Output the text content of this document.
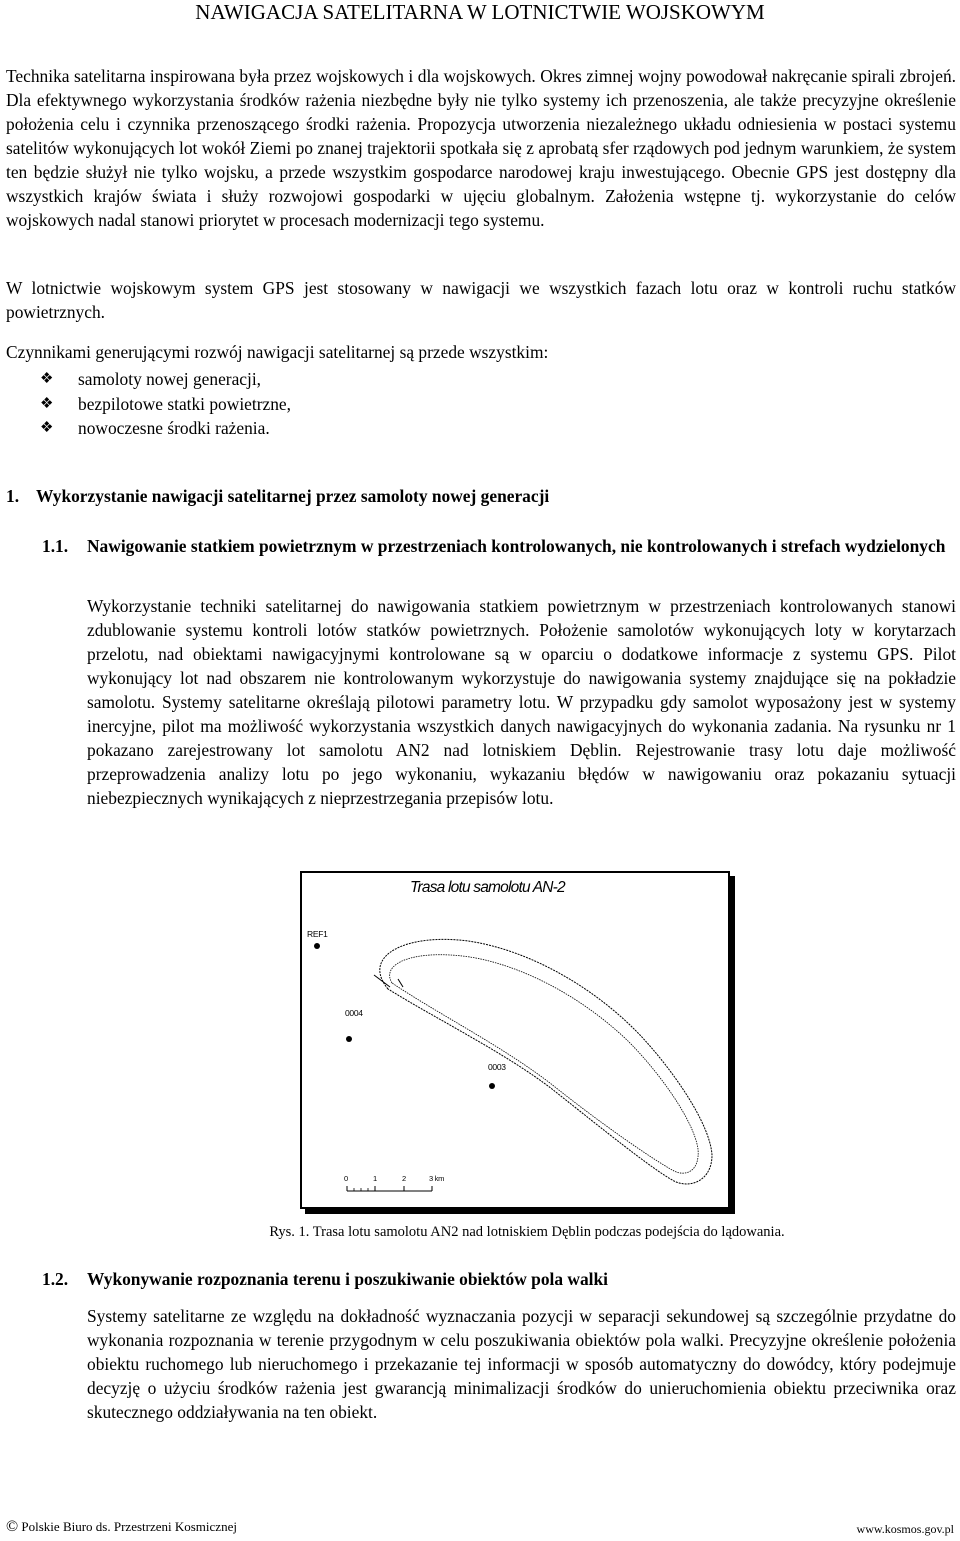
NAWIGACJA SATELITARNA W LOTNICTWIE WOJSKOWYM

Technika satelitarna inspirowana była przez wojskowych i dla wojskowych. Okres zimnej wojny powodował nakręcanie spirali zbrojeń. Dla efektywnego wykorzystania środków rażenia niezbędne były nie tylko systemy ich przenoszenia, ale także precyzyjne określenie położenia celu i czynnika przenoszącego środki rażenia. Propozycja utworzenia niezależnego układu odniesienia w postaci systemu satelitów wykonujących lot wokół Ziemi po znanej trajektorii spotkała się z aprobatą sfer rządowych pod jednym warunkiem, że system ten będzie służył nie tylko wojsku, a przede wszystkim gospodarce narodowej kraju inwestującego. Obecnie GPS jest dostępny dla wszystkich krajów świata i służy rozwojowi gospodarki w ujęciu globalnym. Założenia wstępne tj. wykorzystanie do celów wojskowych nadal stanowi priorytet w procesach modernizacji tego systemu.

W lotnictwie wojskowym system GPS jest stosowany w nawigacji we wszystkich fazach lotu oraz w kontroli ruchu statków powietrznych.

Czynnikami generującymi rozwój nawigacji satelitarnej są przede wszystkim:

❖ samoloty nowej generacji,
❖ bezpilotowe statki powietrzne,
❖ nowoczesne środki rażenia.
1. Wykorzystanie nawigacji satelitarnej przez samoloty nowej generacji
1.1. Nawigowanie statkiem powietrznym w przestrzeniach kontrolowanych, nie kontrolowanych i strefach wydzielonych

Wykorzystanie techniki satelitarnej do nawigowania statkiem powietrznym w przestrzeniach kontrolowanych stanowi zdublowanie systemu kontroli lotów statków powietrznych. Położenie samolotów wykonujących loty w korytarzach przelotu, nad obiektami nawigacyjnymi kontrolowane są w oparciu o dodatkowe informacje z systemu GPS. Pilot wykonujący lot nad obszarem nie kontrolowanym wykorzystuje do nawigowania systemy znajdujące się na pokładzie samolotu. Systemy satelitarne określają pilotowi parametry lotu. W przypadku gdy samolot wyposażony jest w systemy inercyjne, pilot ma możliwość wykorzystania wszystkich danych nawigacyjnych do wykonania zadania. Na rysunku nr 1 pokazano zarejestrowany lot samolotu AN2 nad lotniskiem Dęblin. Rejestrowanie trasy lotu daje możliwość przeprowadzenia analizy lotu po jego wykonaniu, wykazaniu błędów w nawigowaniu oraz pokazaniu sytuacji niebezpiecznych wynikających z nieprzestrzegania przepisów lotu.

Trasa lotu samolotu AN-2
REF1
0004
0003
0	1	2	3 km

Rys. 1. Trasa lotu samolotu AN2 nad lotniskiem Dęblin podczas podejścia do lądowania.

1.2. Wykonywanie rozpoznania terenu i poszukiwanie obiektów pola walki

Systemy satelitarne ze względu na dokładność wyznaczania pozycji w separacji sekundowej są szczególnie przydatne do wykonania rozpoznania w terenie przygodnym w celu poszukiwania obiektów pola walki. Precyzyjne określenie położenia obiektu ruchomego lub nieruchomego i przekazanie tej informacji w sposób automatyczny do dowódcy, który podejmuje decyzję o użyciu środków rażenia jest gwarancją minimalizacji środków do unieruchomienia obiektu przeciwnika oraz skutecznego oddziaływania na ten obiekt.

© Polskie Biuro ds. Przestrzeni Kosmicznej	www.kosmos.gov.pl
